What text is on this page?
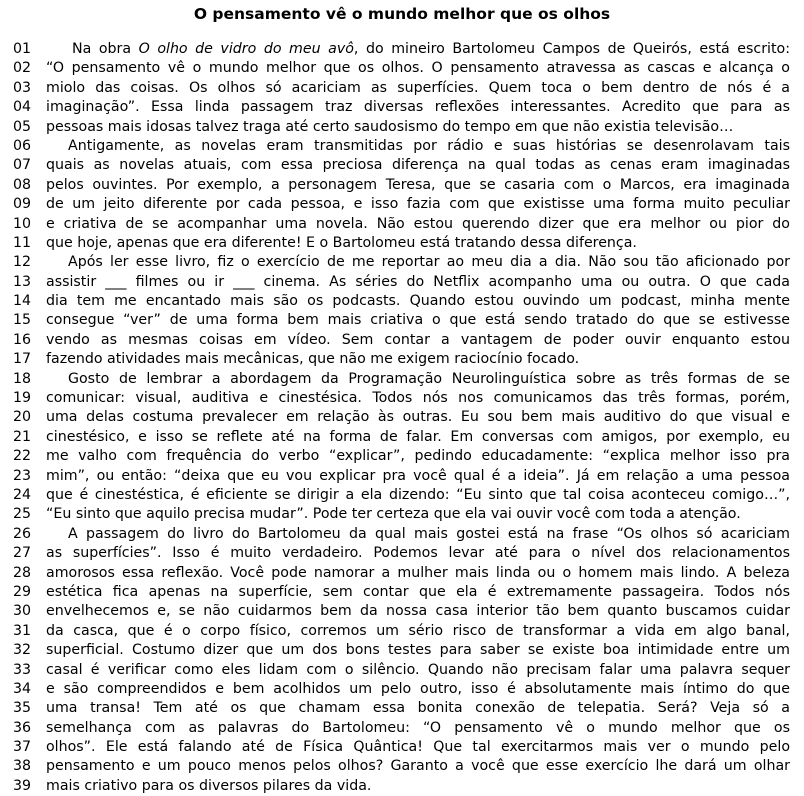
O pensamento vê o mundo melhor que os olhos
01	Na obra O olho de vidro do meu avô, do mineiro Bartolomeu Campos de Queirós, está escrito:
02	“O pensamento vê o mundo melhor que os olhos. O pensamento atravessa as cascas e alcança o
03	miolo das coisas. Os olhos só acariciam as superfícies. Quem toca o bem dentro de nós é a
04	imaginação”. Essa linda passagem traz diversas reflexões interessantes. Acredito que para as
05	pessoas mais idosas talvez traga até certo saudosismo do tempo em que não existia televisão…
06	Antigamente, as novelas eram transmitidas por rádio e suas histórias se desenrolavam tais
07	quais as novelas atuais, com essa preciosa diferença na qual todas as cenas eram imaginadas
08	pelos ouvintes. Por exemplo, a personagem Teresa, que se casaria com o Marcos, era imaginada
09	de um jeito diferente por cada pessoa, e isso fazia com que existisse uma forma muito peculiar
10	e criativa de se acompanhar uma novela. Não estou querendo dizer que era melhor ou pior do
11	que hoje, apenas que era diferente! E o Bartolomeu está tratando dessa diferença.
12	Após ler esse livro, fiz o exercício de me reportar ao meu dia a dia. Não sou tão aficionado por
13	assistir ___ filmes ou ir ___ cinema. As séries do Netflix acompanho uma ou outra. O que cada
14	dia tem me encantado mais são os podcasts. Quando estou ouvindo um podcast, minha mente
15	consegue “ver” de uma forma bem mais criativa o que está sendo tratado do que se estivesse
16	vendo as mesmas coisas em vídeo. Sem contar a vantagem de poder ouvir enquanto estou
17	fazendo atividades mais mecânicas, que não me exigem raciocínio focado.
18	Gosto de lembrar a abordagem da Programação Neurolinguística sobre as três formas de se
19	comunicar: visual, auditiva e cinestésica. Todos nós nos comunicamos das três formas, porém,
20	uma delas costuma prevalecer em relação às outras. Eu sou bem mais auditivo do que visual e
21	cinestésico, e isso se reflete até na forma de falar. Em conversas com amigos, por exemplo, eu
22	me valho com frequência do verbo “explicar”, pedindo educadamente: “explica melhor isso pra
23	mim”, ou então: “deixa que eu vou explicar pra você qual é a ideia”. Já em relação a uma pessoa
24	que é cinestéstica, é eficiente se dirigir a ela dizendo: “Eu sinto que tal coisa aconteceu comigo…”,
25	“Eu sinto que aquilo precisa mudar”. Pode ter certeza que ela vai ouvir você com toda a atenção.
26	A passagem do livro do Bartolomeu da qual mais gostei está na frase “Os olhos só acariciam
27	as superfícies”. Isso é muito verdadeiro. Podemos levar até para o nível dos relacionamentos
28	amorosos essa reflexão. Você pode namorar a mulher mais linda ou o homem mais lindo. A beleza
29	estética fica apenas na superfície, sem contar que ela é extremamente passageira. Todos nós
30	envelhecemos e, se não cuidarmos bem da nossa casa interior tão bem quanto buscamos cuidar
31	da casca, que é o corpo físico, corremos um sério risco de transformar a vida em algo banal,
32	superficial. Costumo dizer que um dos bons testes para saber se existe boa intimidade entre um
33	casal é verificar como eles lidam com o silêncio. Quando não precisam falar uma palavra sequer
34	e são compreendidos e bem acolhidos um pelo outro, isso é absolutamente mais íntimo do que
35	uma transa! Tem até os que chamam essa bonita conexão de telepatia. Será? Veja só a
36	semelhança com as palavras do Bartolomeu: “O pensamento vê o mundo melhor que os
37	olhos”. Ele está falando até de Física Quântica! Que tal exercitarmos mais ver o mundo pelo
38	pensamento e um pouco menos pelos olhos? Garanto a você que esse exercício lhe dará um olhar
39	mais criativo para os diversos pilares da vida.
